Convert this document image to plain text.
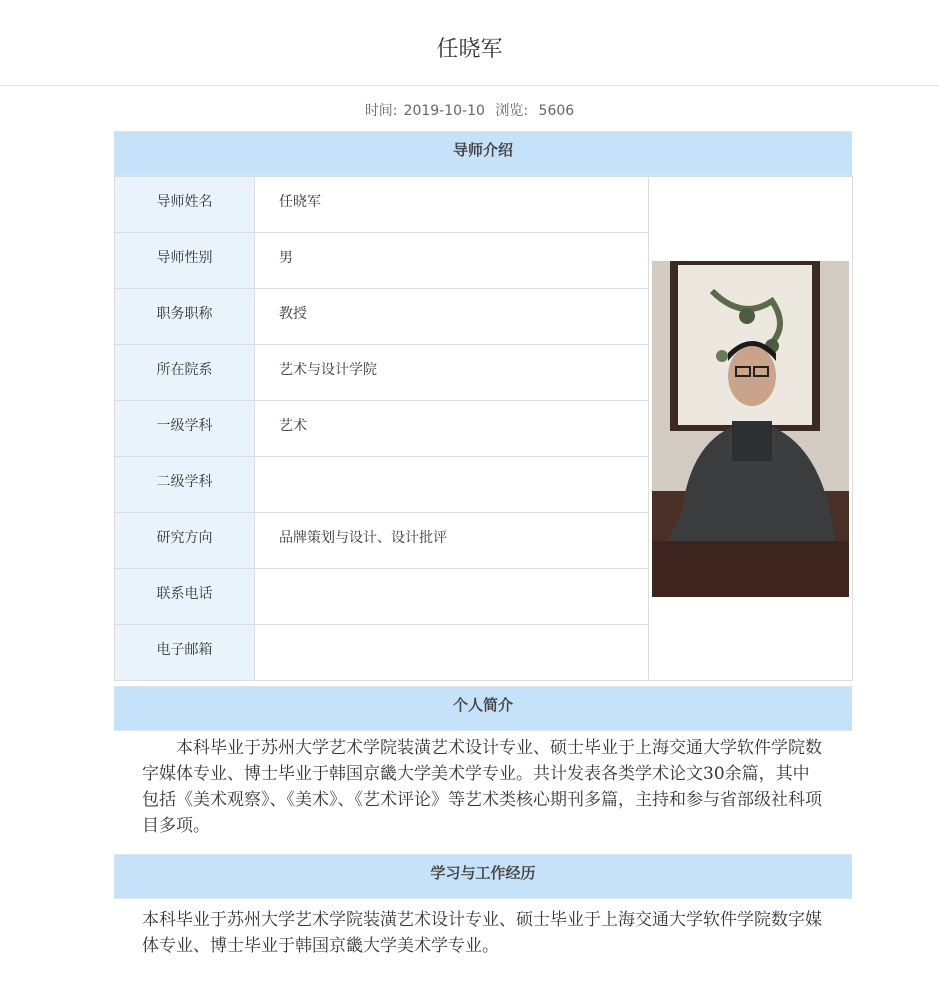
任晓军
时间: 2019-10-10 浏览: 5606
导师介绍
导师姓名	任晓军	

导师性别	男	
职务职称	教授	
所在院系	艺术与设计学院	
一级学科	艺术	
二级学科		
研究方向	品牌策划与设计、设计批评	
联系电话		
电子邮箱		
个人简介
本科毕业于苏州大学艺术学院装潢艺术设计专业、硕士毕业于上海交通大学软件学院数字媒体专业、博士毕业于韩国京畿大学美术学专业。共计发表各类学术论文30余篇，其中包括《美术观察》、《美术》、《艺术评论》等艺术类核心期刊多篇，主持和参与省部级社科项目多项。
学习与工作经历
本科毕业于苏州大学艺术学院装潢艺术设计专业、硕士毕业于上海交通大学软件学院数字媒体专业、博士毕业于韩国京畿大学美术学专业。
